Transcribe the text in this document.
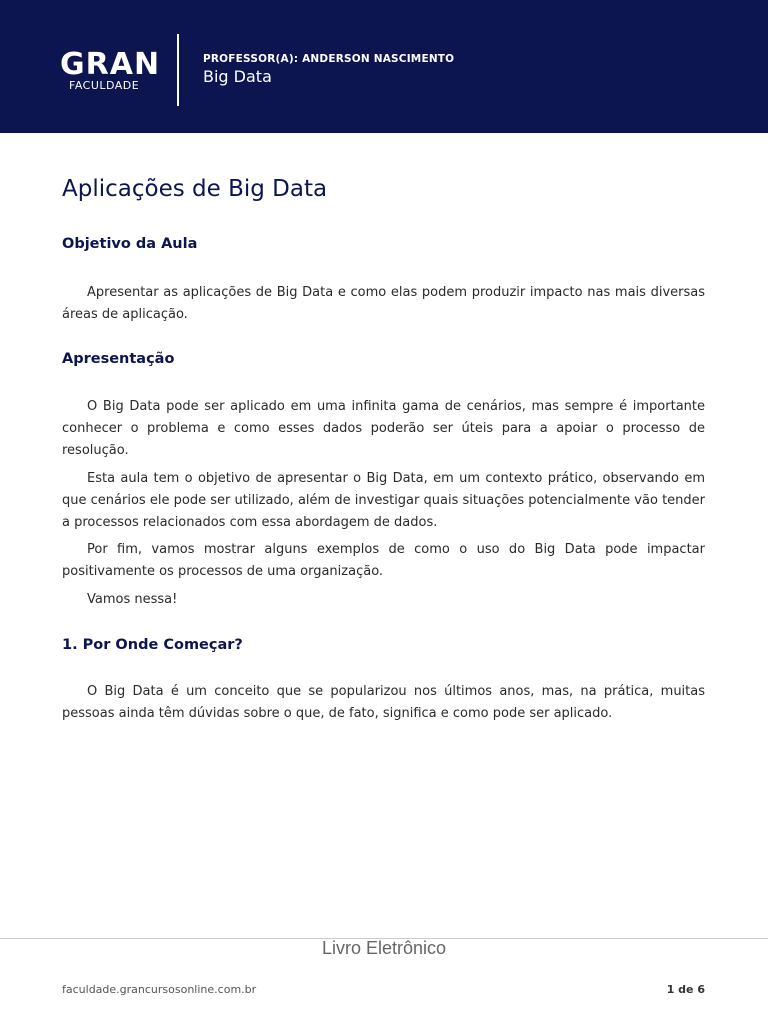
GRAN
FACULDADE
PROFESSOR(A): ANDERSON NASCIMENTO
Big Data
Aplicações de Big Data
Objetivo da Aula

Apresentar as aplicações de Big Data e como elas podem produzir impacto nas mais diversas áreas de aplicação.

Apresentação

O Big Data pode ser aplicado em uma infinita gama de cenários, mas sempre é importante conhecer o problema e como esses dados poderão ser úteis para a apoiar o processo de resolução.

Esta aula tem o objetivo de apresentar o Big Data, em um contexto prático, observando em que cenários ele pode ser utilizado, além de investigar quais situações potencialmente vão tender a processos relacionados com essa abordagem de dados.

Por fim, vamos mostrar alguns exemplos de como o uso do Big Data pode impactar positivamente os processos de uma organização.

Vamos nessa!

1. Por Onde Começar?

O Big Data é um conceito que se popularizou nos últimos anos, mas, na prática, muitas pessoas ainda têm dúvidas sobre o que, de fato, significa e como pode ser aplicado.

Livro Eletrônico
faculdade.grancursosonline.com.br	1 de 6
